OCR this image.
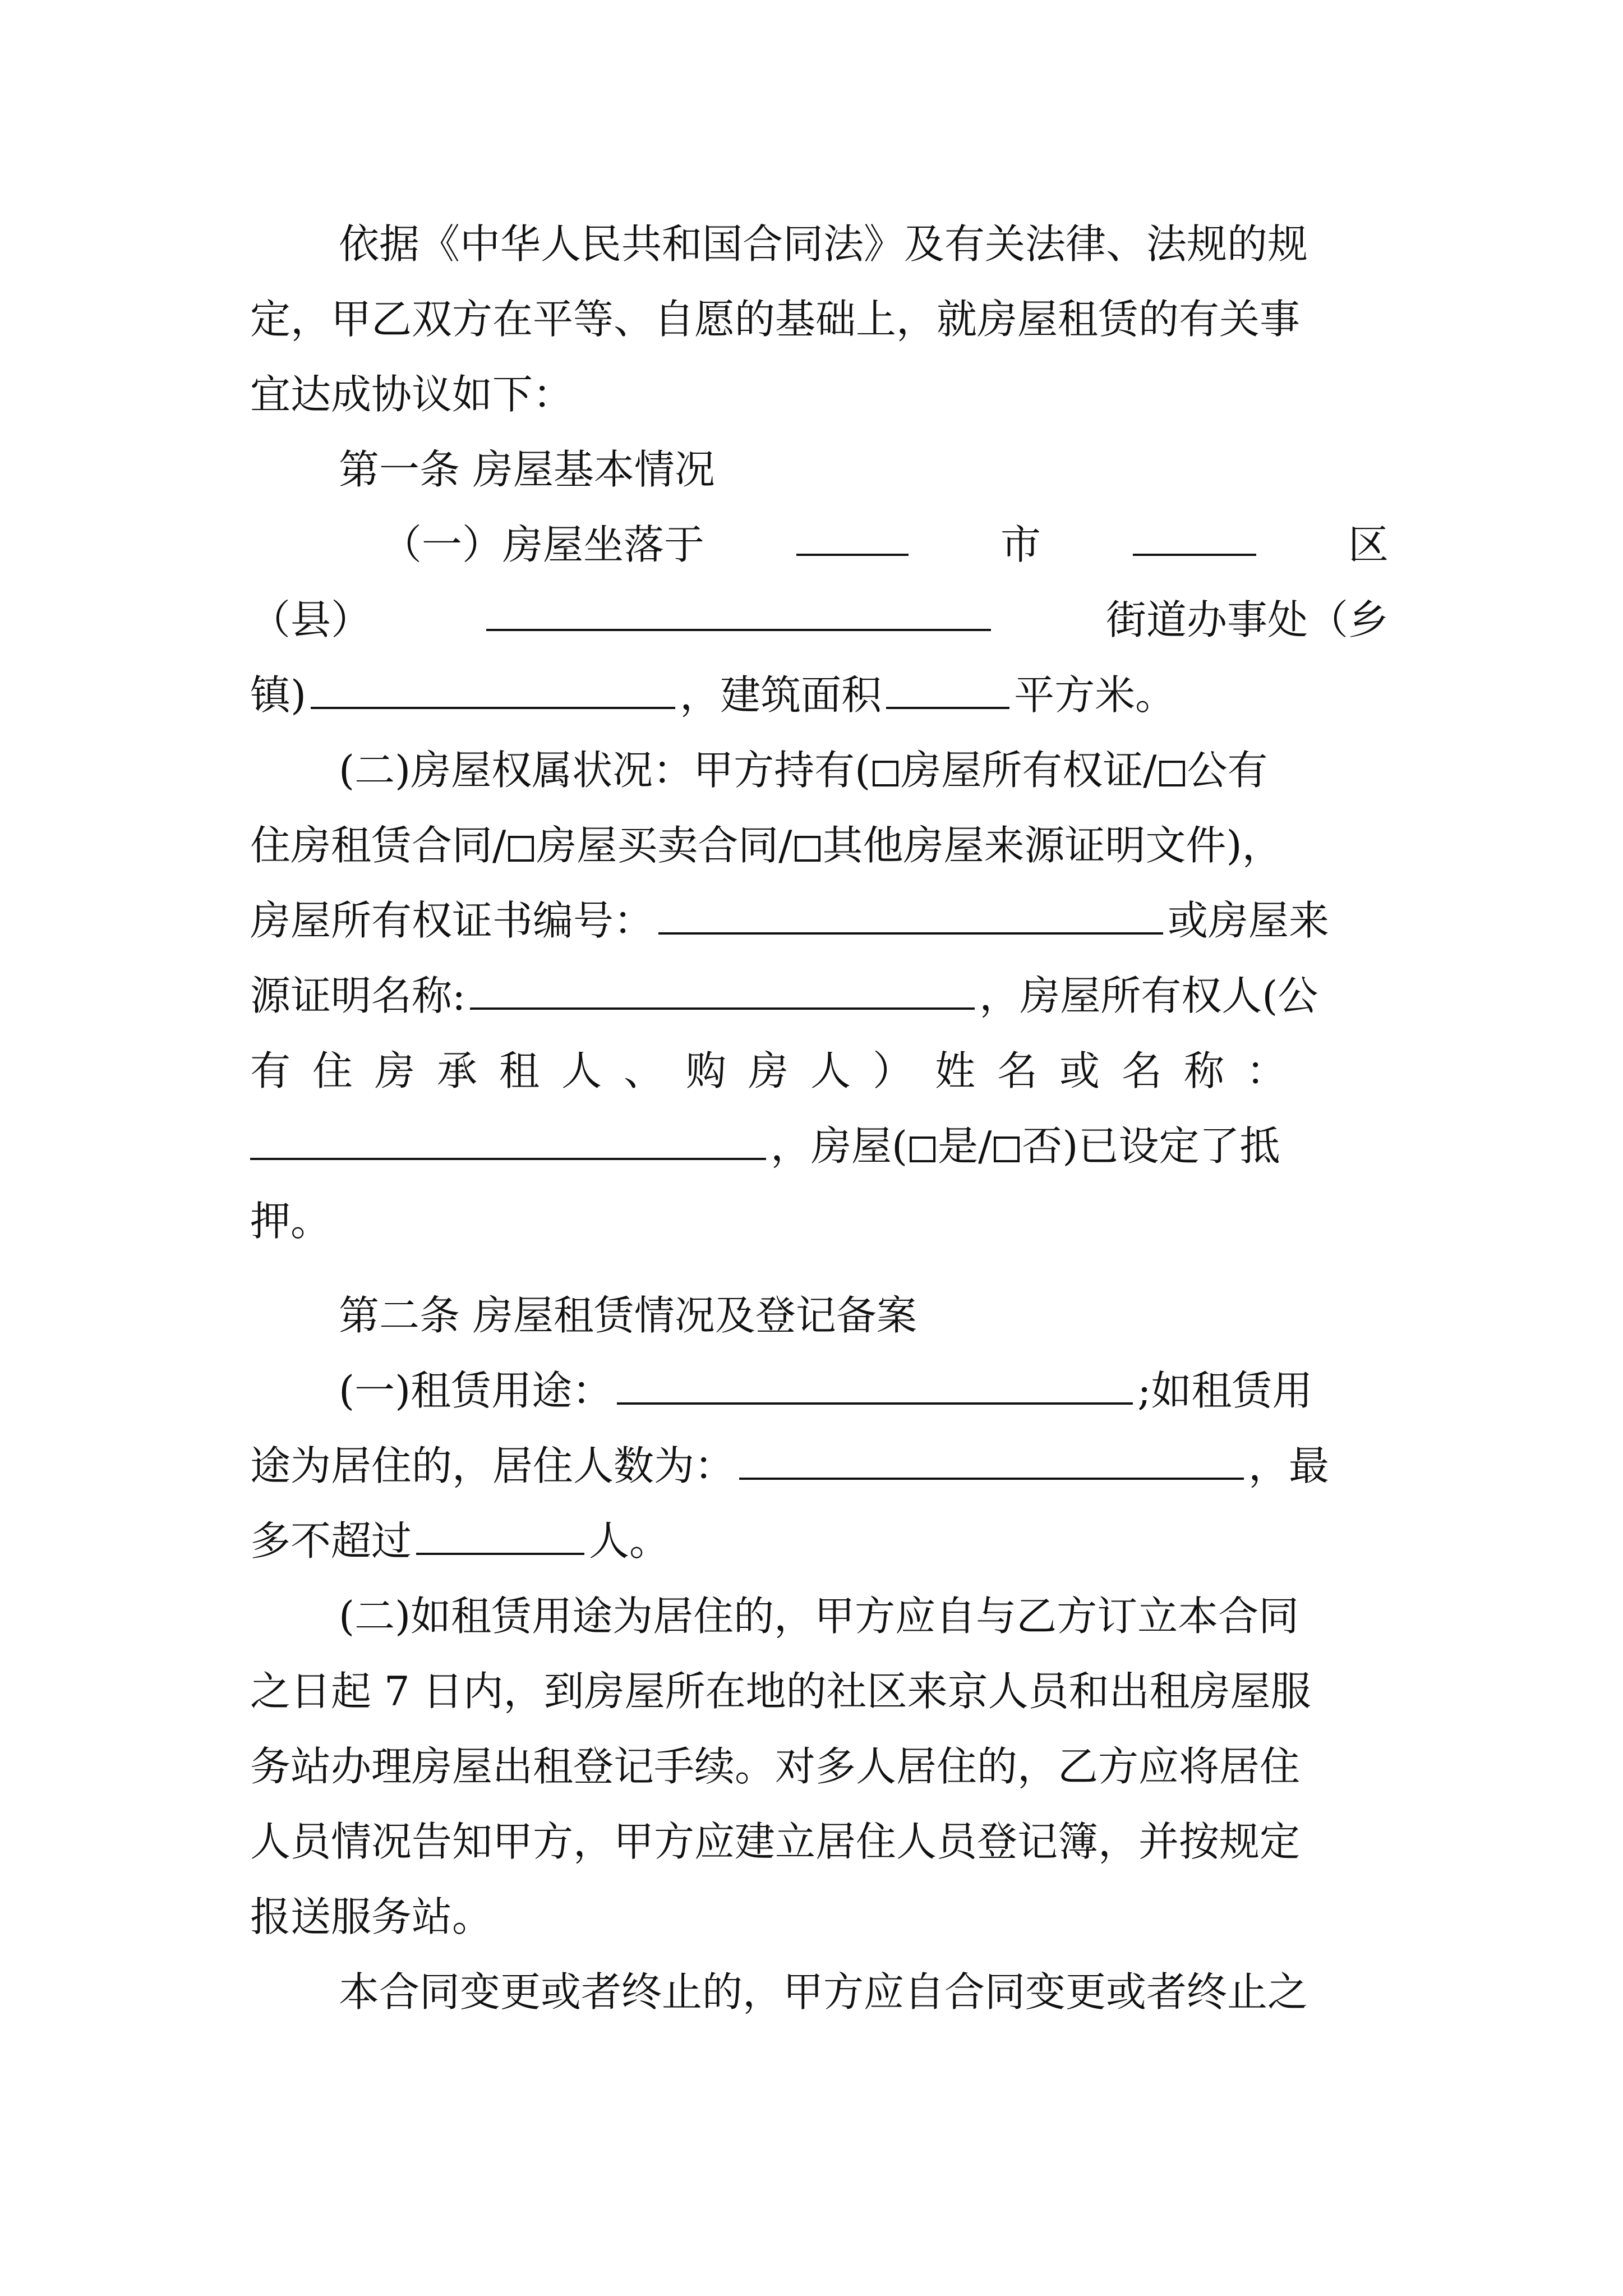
依据《中华人民共和国合同法》及有关法律、法规的规
定，甲乙双方在平等、自愿的基础上，就房屋租赁的有关事
宜达成协议如下：
第一条 房屋基本情况
（一）房屋坐落于	市	区
（县）	街道办事处（乡
镇)	，建筑面积	平方米。
(二)房屋权属状况：甲方持有( 房屋所有权证/ 公有
住房租赁合同/ 房屋买卖合同/ 其他房屋来源证明文件)，
房屋所有权证书编号：	或房屋来
源证明名称:	，房屋所有权人(公
有住房承租人、购房人）姓名或名称：
，房屋( 是/ 否)已设定了抵
押。
第二条 房屋租赁情况及登记备案
(一)租赁用途：	;如租赁用
途为居住的，居住人数为：	，最
多不超过	人。
(二)如租赁用途为居住的，甲方应自与乙方订立本合同
之日起 7 日内，到房屋所在地的社区来京人员和出租房屋服
务站办理房屋出租登记手续。对多人居住的，乙方应将居住
人员情况告知甲方，甲方应建立居住人员登记簿，并按规定
报送服务站。
本合同变更或者终止的，甲方应自合同变更或者终止之
